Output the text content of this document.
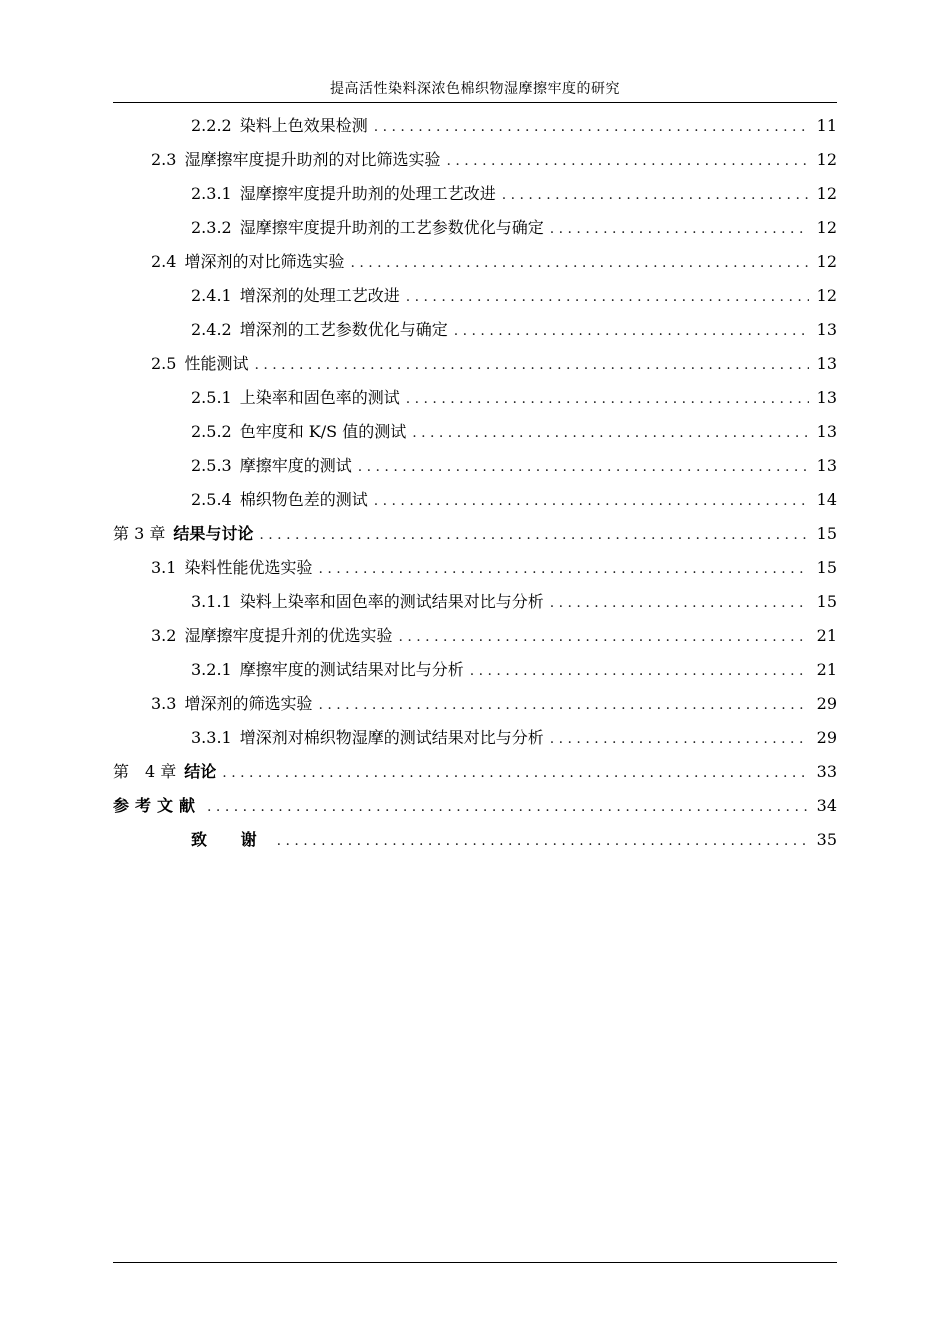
提高活性染料深浓色棉织物湿摩擦牢度的研究
2.2.2 染料上色效果检测 . . .	11
2.3 湿摩擦牢度提升助剂的对比筛选实验 . . .	12
2.3.1 湿摩擦牢度提升助剂的处理工艺改进 . . .	12
2.3.2 湿摩擦牢度提升助剂的工艺参数优化与确定 . . .	12
2.4 增深剂的对比筛选实验 . . .	12
2.4.1 增深剂的处理工艺改进 . . .	12
2.4.2 增深剂的工艺参数优化与确定 . . .	13
2.5 性能测试 . . .	13
2.5.1 上染率和固色率的测试 . . .	13
2.5.2 色牢度和 K/S 值的测试 . . .	13
2.5.3 摩擦牢度的测试 . . .	13
2.5.4 棉织物色差的测试 . . .	14
第 3 章 结果与讨论 . . .	15
3.1 染料性能优选实验 . . .	15
3.1.1 染料上染率和固色率的测试结果对比与分析 . . .	15
3.2 湿摩擦牢度提升剂的优选实验 . . .	21
3.2.1 摩擦牢度的测试结果对比与分析 . . .	21
3.3 增深剂的筛选实验 . . .	29
3.3.1 增深剂对棉织物湿摩的测试结果对比与分析 . . .	29
第　4 章 结论 . . .	33
参考文献 . . .	34
致 谢 . . .	35
